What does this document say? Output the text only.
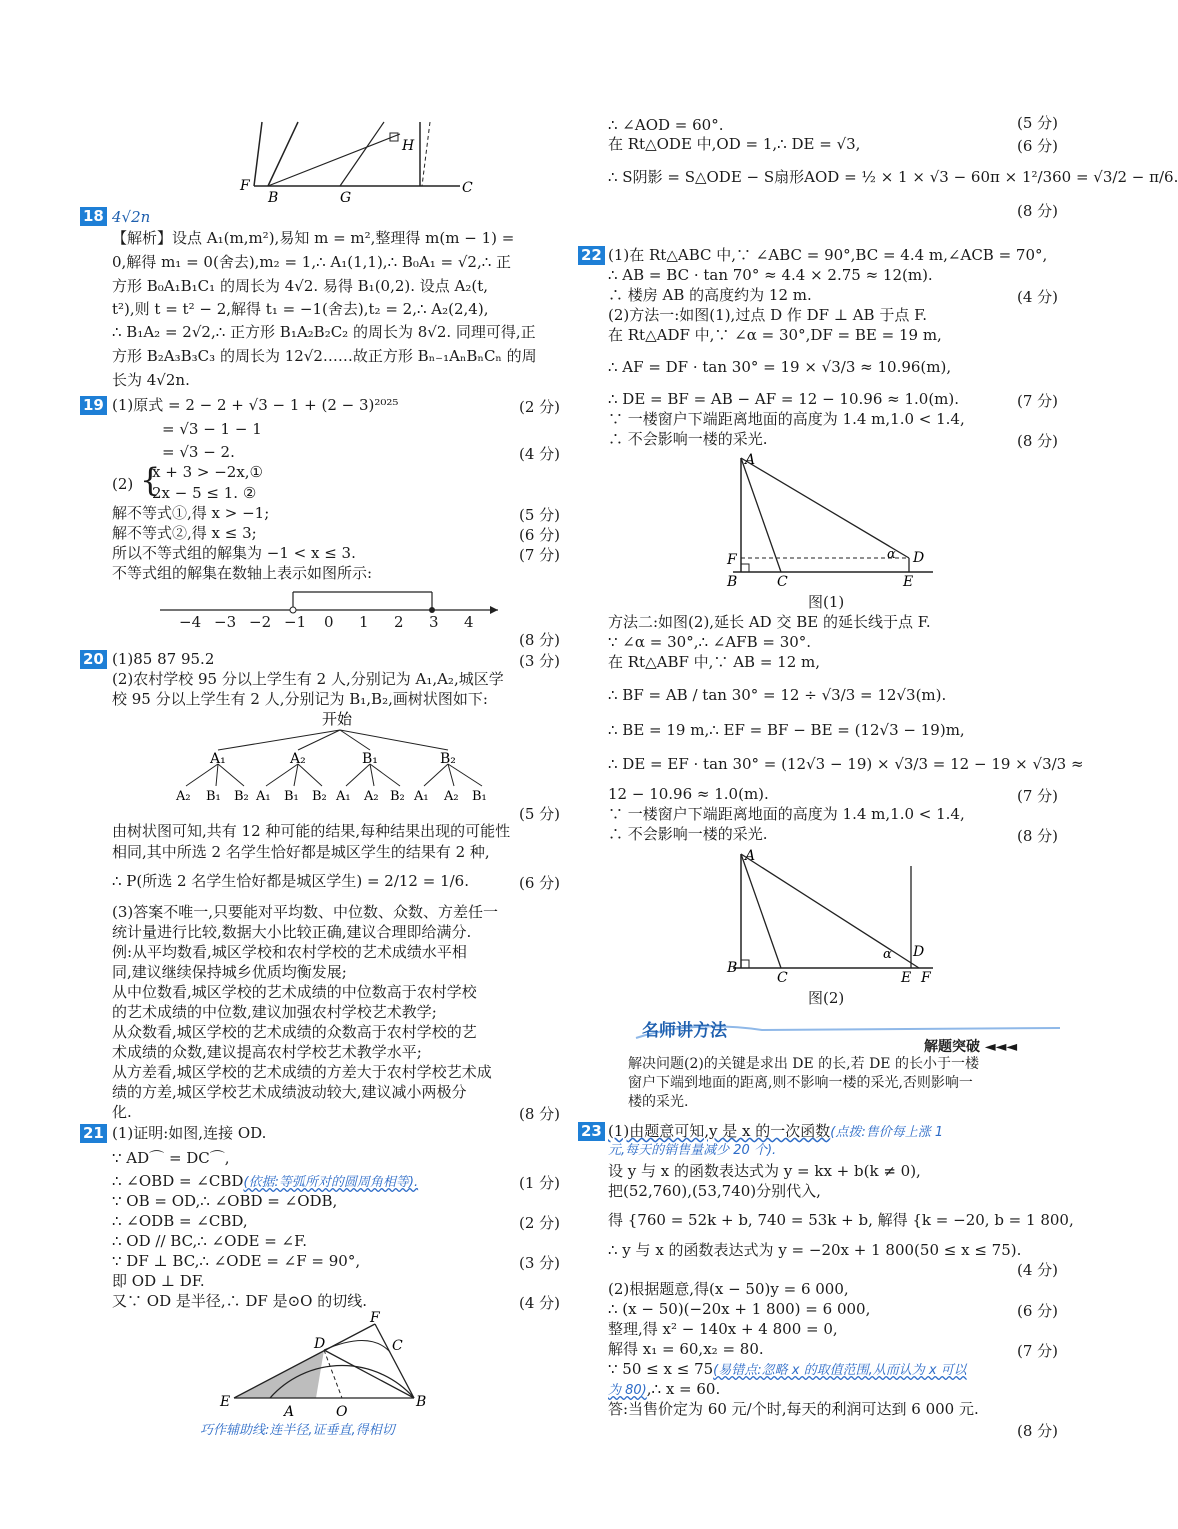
F
B	G
C
H
18 4√2n
【解析】设点 A₁(m,m²),易知 m = m²,整理得 m(m − 1) =
0,解得 m₁ = 0(舍去),m₂ = 1,∴ A₁(1,1),∴ B₀A₁ = √2,∴ 正
方形 B₀A₁B₁C₁ 的周长为 4√2. 易得 B₁(0,2). 设点 A₂(t,
t²),则 t = t² − 2,解得 t₁ = −1(舍去),t₂ = 2,∴ A₂(2,4),
∴ B₁A₂ = 2√2,∴ 正方形 B₁A₂B₂C₂ 的周长为 8√2. 同理可得,正
方形 B₂A₃B₃C₃ 的周长为 12√2……故正方形 Bₙ₋₁AₙBₙCₙ 的周
长为 4√2n.
19 (1)原式 = 2 − 2 + √3 − 1 + (2 − 3)²⁰²⁵	(2 分)
= √3 − 1 − 1
= √3 − 2.	(4 分)
(2) {
x + 3 > −2x,①
2x − 5 ≤ 1. ②
解不等式①,得 x > −1;	(5 分)
解不等式②,得 x ≤ 3;	(6 分)
所以不等式组的解集为 −1 < x ≤ 3.	(7 分)
不等式组的解集在数轴上表示如图所示:
−4 −3 −2 −1 0 1 2 3 4
(8 分)
20 (1)85 87 95.2	(3 分)
(2)农村学校 95 分以上学生有 2 人,分别记为 A₁,A₂,城区学
校 95 分以上学生有 2 人,分别记为 B₁,B₂,画树状图如下:
开始
A₁	A₂	B₁	B₂
A₂ B₁ B₂ A₁ B₁ B₂ A₁ A₂ B₂ A₁ A₂ B₁
(5 分)
由树状图可知,共有 12 种可能的结果,每种结果出现的可能性
相同,其中所选 2 名学生恰好都是城区学生的结果有 2 种,
∴ P(所选 2 名学生恰好都是城区学生) = 2/12 = 1/6.	(6 分)
(3)答案不唯一,只要能对平均数、中位数、众数、方差任一
统计量进行比较,数据大小比较正确,建议合理即给满分.
例:从平均数看,城区学校和农村学校的艺术成绩水平相
同,建议继续保持城乡优质均衡发展;
从中位数看,城区学校的艺术成绩的中位数高于农村学校
的艺术成绩的中位数,建议加强农村学校艺术教学;
从众数看,城区学校的艺术成绩的众数高于农村学校的艺
术成绩的众数,建议提高农村学校艺术教学水平;
从方差看,城区学校的艺术成绩的方差大于农村学校艺术成
绩的方差,城区学校艺术成绩波动较大,建议减小两极分
化.	(8 分)
21 (1)证明:如图,连接 OD.
∵ AD⌒ = DC⌒,
∴ ∠OBD = ∠CBD(依据:等弧所对的圆周角相等).	(1 分)
∵ OB = OD,∴ ∠OBD = ∠ODB,
∴ ∠ODB = ∠CBD,	(2 分)
∴ OD // BC,∴ ∠ODE = ∠F.
∵ DF ⊥ BC,∴ ∠ODE = ∠F = 90°,	(3 分)
即 OD ⊥ DF.
又∵ OD 是半径,∴ DF 是⊙O 的切线.	(4 分)
F
D	C
E
A	O
B
巧作辅助线:连半径,证垂直,得相切
∴ ∠AOD = 60°.	(5 分)
在 Rt△ODE 中,OD = 1,∴ DE = √3,	(6 分)
∴ S阴影 = S△ODE − S扇形AOD = ½ × 1 × √3 − 60π × 1²/360 = √3/2 − π/6.
(8 分)
22 (1)在 Rt△ABC 中,∵ ∠ABC = 90°,BC = 4.4 m,∠ACB = 70°,
∴ AB = BC · tan 70° ≈ 4.4 × 2.75 ≈ 12(m).
∴ 楼房 AB 的高度约为 12 m.	(4 分)
(2)方法一:如图(1),过点 D 作 DF ⊥ AB 于点 F.
在 Rt△ADF 中,∵ ∠α = 30°,DF = BE = 19 m,
∴ AF = DF · tan 30° = 19 × √3/3 ≈ 10.96(m),
∴ DE = BF = AB − AF = 12 − 10.96 ≈ 1.0(m).	(7 分)
∵ 一楼窗户下端距离地面的高度为 1.4 m,1.0 < 1.4,
∴ 不会影响一楼的采光.	(8 分)
A
F
B	C
α D
E
图(1)
方法二:如图(2),延长 AD 交 BE 的延长线于点 F.
∵ ∠α = 30°,∴ ∠AFB = 30°.
在 Rt△ABF 中,∵ AB = 12 m,
∴ BF = AB / tan 30° = 12 ÷ √3/3 = 12√3(m).
∴ BE = 19 m,∴ EF = BF − BE = (12√3 − 19)m,
∴ DE = EF · tan 30° = (12√3 − 19) × √3/3 = 12 − 19 × √3/3 ≈
12 − 10.96 ≈ 1.0(m).	(7 分)
∵ 一楼窗户下端距离地面的高度为 1.4 m,1.0 < 1.4,
∴ 不会影响一楼的采光.	(8 分)
A
B
C
α D
E F
图(2)
名师讲方法
解题突破 ◄◄◄
解决问题(2)的关键是求出 DE 的长,若 DE 的长小于一楼
窗户下端到地面的距离,则不影响一楼的采光,否则影响一
楼的采光.
23 (1)由题意可知,y 是 x 的一次函数(点拨:售价每上涨 1
元,每天的销售量减少 20 个).
设 y 与 x 的函数表达式为 y = kx + b(k ≠ 0),
把(52,760),(53,740)分别代入,
得 {760 = 52k + b, 740 = 53k + b, 解得 {k = −20, b = 1 800,
∴ y 与 x 的函数表达式为 y = −20x + 1 800(50 ≤ x ≤ 75).
(4 分)
(2)根据题意,得(x − 50)y = 6 000,
∴ (x − 50)(−20x + 1 800) = 6 000,	(6 分)
整理,得 x² − 140x + 4 800 = 0,
解得 x₁ = 60,x₂ = 80.	(7 分)
∵ 50 ≤ x ≤ 75(易错点:忽略 x 的取值范围,从而认为 x 可以
为 80),∴ x = 60.
答:当售价定为 60 元/个时,每天的利润可达到 6 000 元.
(8 分)
